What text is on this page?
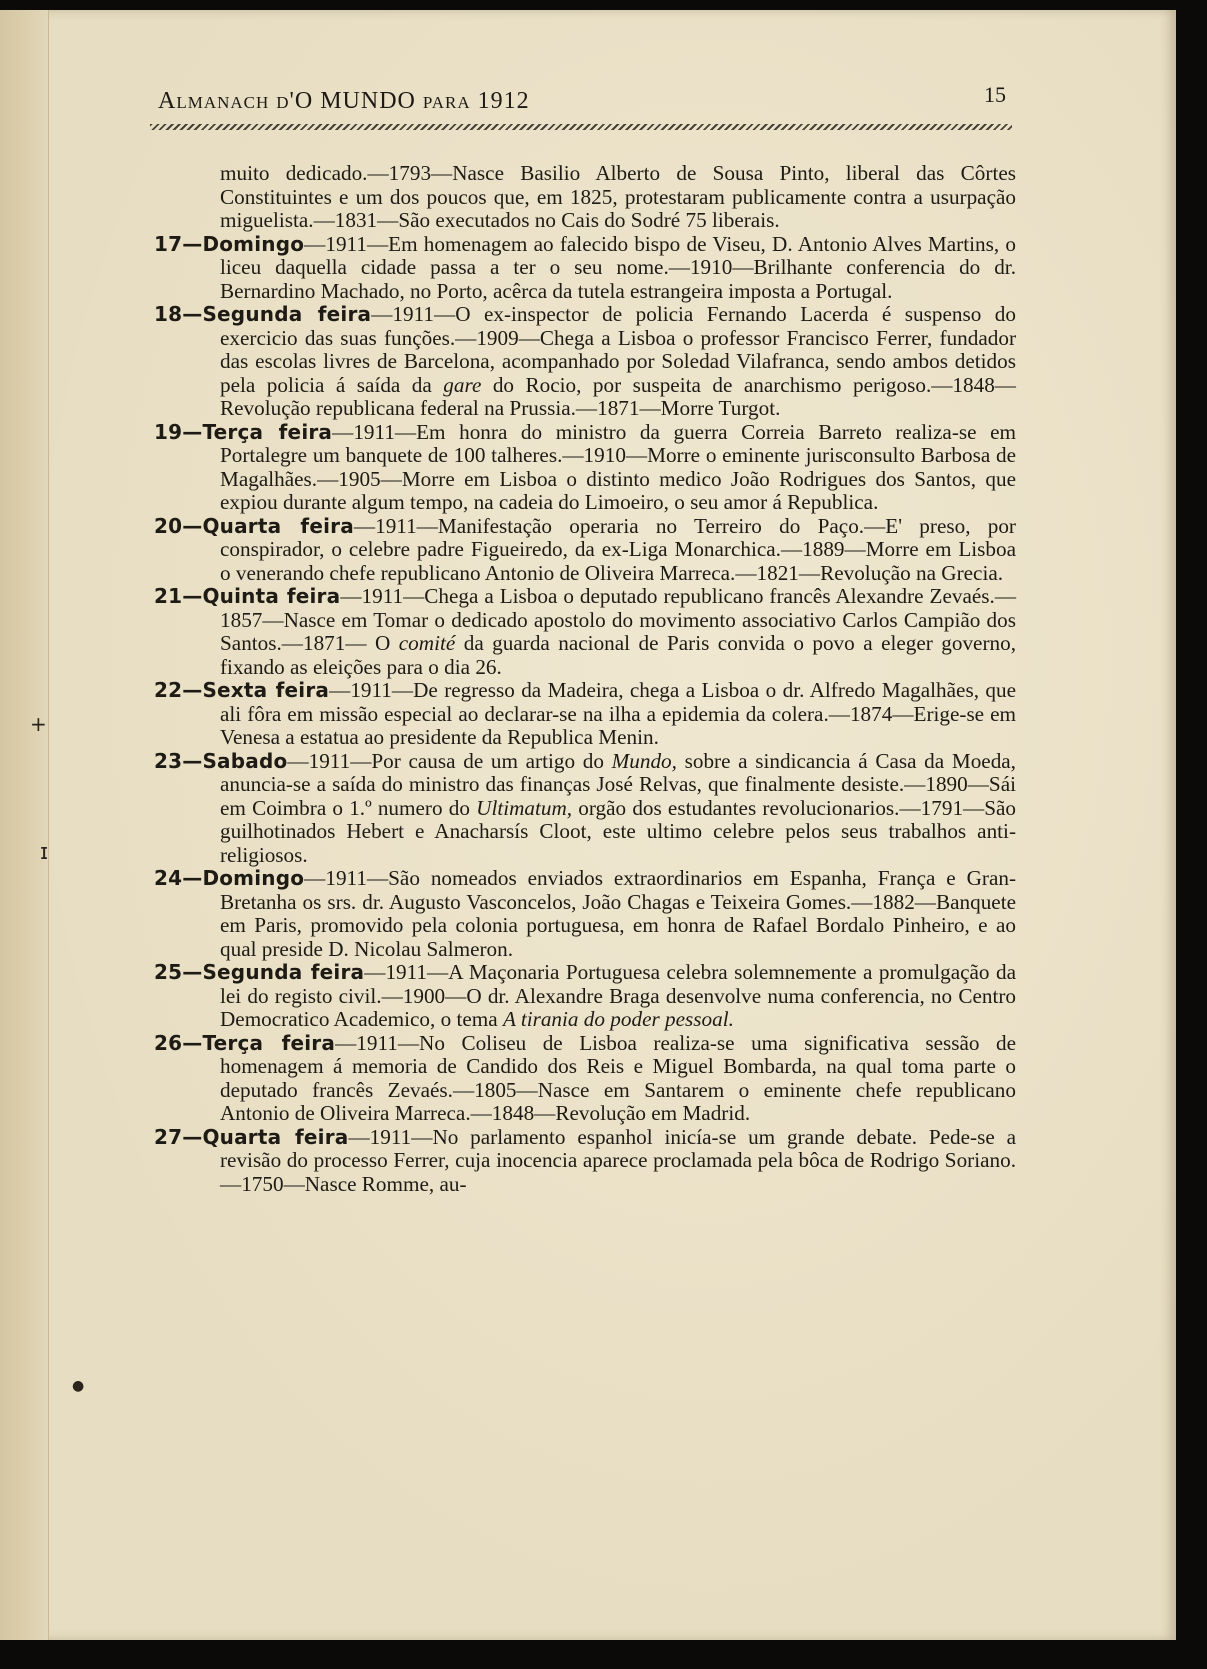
Almanach d'O MUNDO para 1912	15

muito dedicado.—1793—Nasce Basilio Alberto de Sousa Pinto, liberal das Côrtes Constituintes e um dos poucos que, em 1825, protestaram publicamente contra a usurpação miguelista.—1831—São executados no Cais do Sodré 75 liberais.

17—Domingo—1911—Em homenagem ao falecido bispo de Viseu, D. Antonio Alves Martins, o liceu daquella cidade passa a ter o seu nome.—1910—Brilhante conferencia do dr. Bernardino Machado, no Porto, acêrca da tutela estrangeira imposta a Portugal.

18—Segunda feira—1911—O ex-inspector de policia Fernando Lacerda é suspenso do exercicio das suas funções.—1909—Chega a Lisboa o professor Francisco Ferrer, fundador das escolas livres de Barcelona, acompanhado por Soledad Vilafranca, sendo ambos detidos pela policia á saída da gare do Rocio, por suspeita de anarchismo perigoso.—1848—Revolução republicana federal na Prussia.—1871—Morre Turgot.

19—Terça feira—1911—Em honra do ministro da guerra Correia Barreto realiza-se em Portalegre um banquete de 100 talheres.—1910—Morre o eminente jurisconsulto Barbosa de Magalhães.—1905—Morre em Lisboa o distinto medico João Rodrigues dos Santos, que expiou durante algum tempo, na cadeia do Limoeiro, o seu amor á Republica.

20—Quarta feira—1911—Manifestação operaria no Terreiro do Paço.—E' preso, por conspirador, o celebre padre Figueiredo, da ex-Liga Monarchica.—1889—Morre em Lisboa o venerando chefe republicano Antonio de Oliveira Marreca.—1821—Revolução na Grecia.

21—Quinta feira—1911—Chega a Lisboa o deputado republicano francês Alexandre Zevaés.—1857—Nasce em Tomar o dedicado apostolo do movimento associativo Carlos Campião dos Santos.—1871— O comité da guarda nacional de Paris convida o povo a eleger governo, fixando as eleições para o dia 26.

22—Sexta feira—1911—De regresso da Madeira, chega a Lisboa o dr. Alfredo Magalhães, que ali fôra em missão especial ao declarar-se na ilha a epidemia da colera.—1874—Erige-se em Venesa a estatua ao presidente da Republica Menin.

23—Sabado—1911—Por causa de um artigo do Mundo, sobre a sindicancia á Casa da Moeda, anuncia-se a saída do ministro das finanças José Relvas, que finalmente desiste.—1890—Sái em Coimbra o 1.º numero do Ultimatum, orgão dos estudantes revolucionarios.—1791—São guilhotinados Hebert e Anacharsís Cloot, este ultimo celebre pelos seus trabalhos anti-religiosos.

24—Domingo—1911—São nomeados enviados extraordinarios em Espanha, França e Gran-Bretanha os srs. dr. Augusto Vasconcelos, João Chagas e Teixeira Gomes.—1882—Banquete em Paris, promovido pela colonia portuguesa, em honra de Rafael Bordalo Pinheiro, e ao qual preside D. Nicolau Salmeron.

25—Segunda feira—1911—A Maçonaria Portuguesa celebra solemnemente a promulgação da lei do registo civil.—1900—O dr. Alexandre Braga desenvolve numa conferencia, no Centro Democratico Academico, o tema A tirania do poder pessoal.

26—Terça feira—1911—No Coliseu de Lisboa realiza-se uma significativa sessão de homenagem á memoria de Candido dos Reis e Miguel Bombarda, na qual toma parte o deputado francês Zevaés.—1805—Nasce em Santarem o eminente chefe republicano Antonio de Oliveira Marreca.—1848—Revolução em Madrid.

27—Quarta feira—1911—No parlamento espanhol inicía-se um grande debate. Pede-se a revisão do processo Ferrer, cuja inocencia aparece proclamada pela bôca de Rodrigo Soriano.—1750—Nasce Romme, au-

+
ɪ
●
